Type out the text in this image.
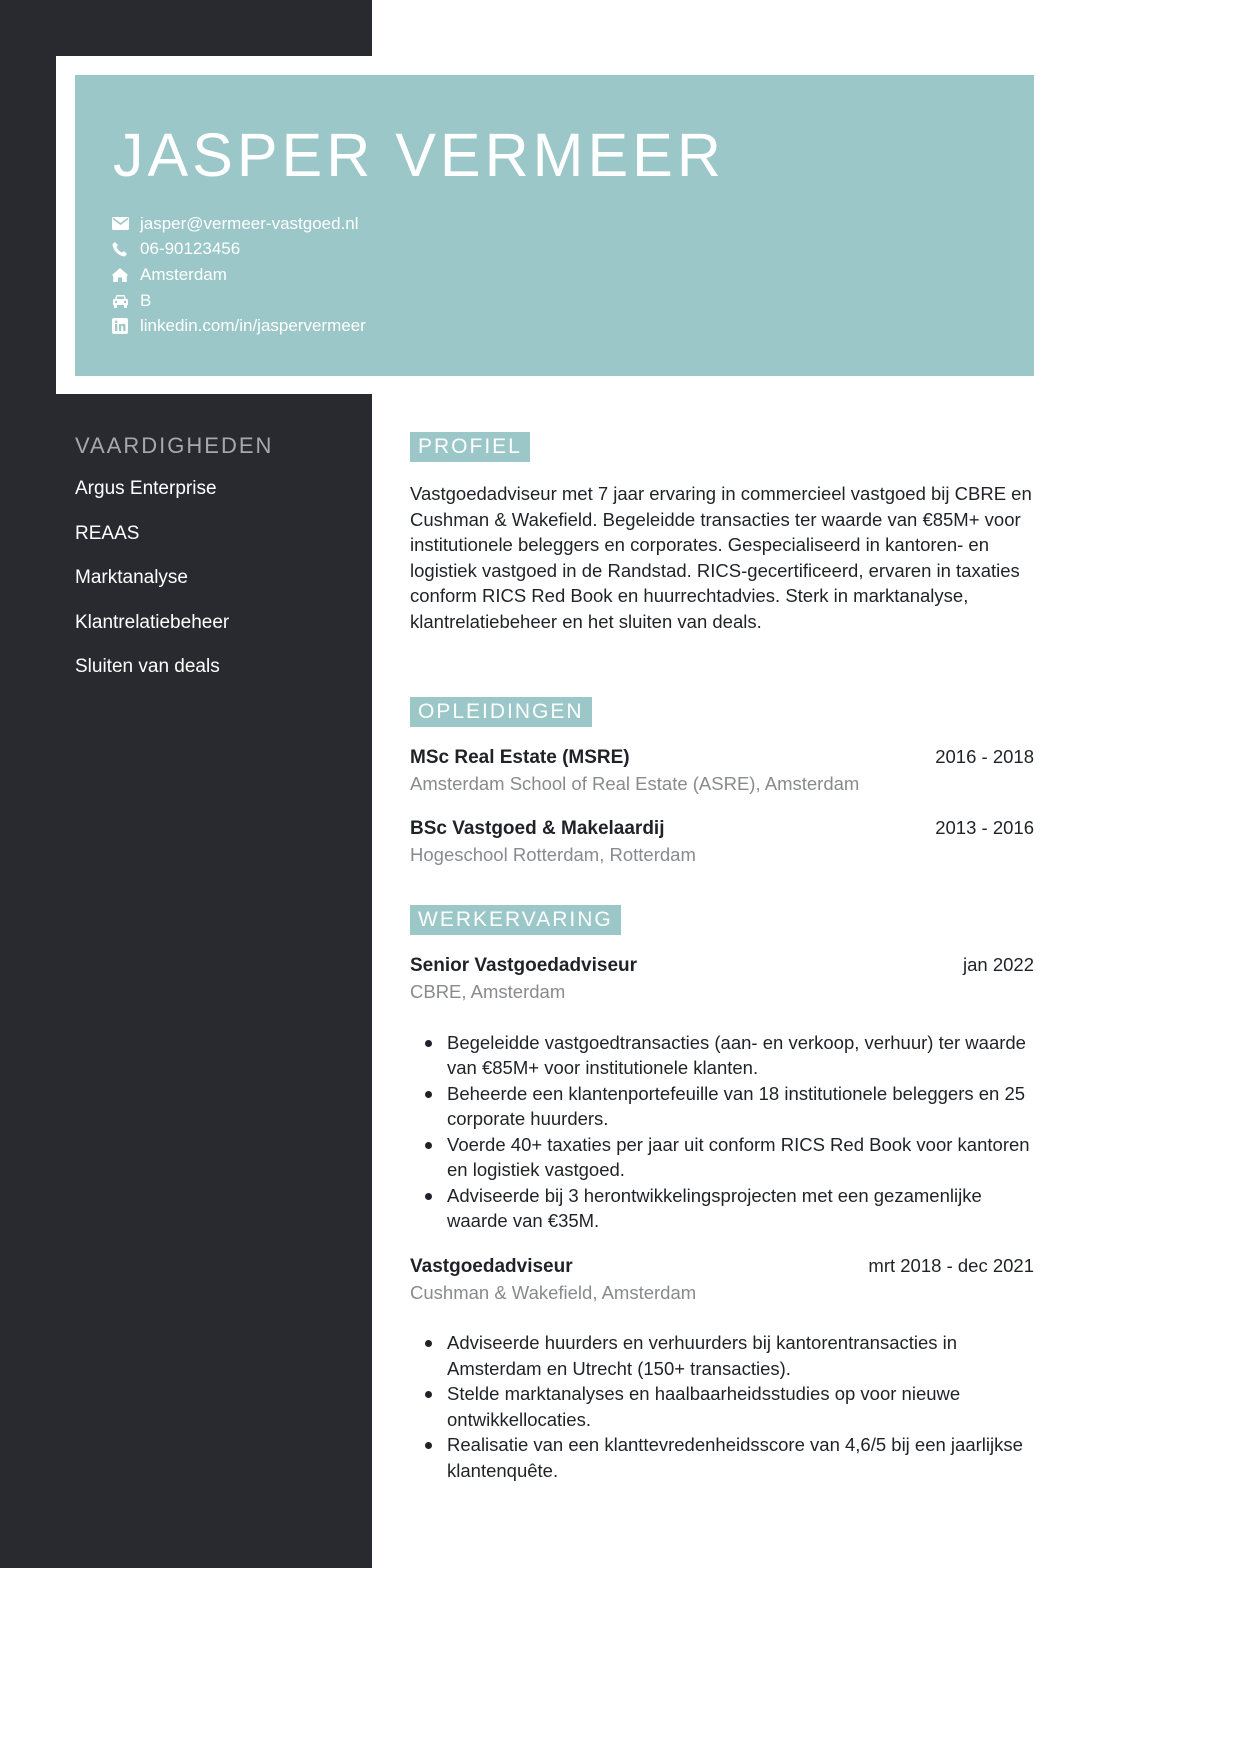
JASPER VERMEER
jasper@vermeer-vastgoed.nl
06-90123456
Amsterdam
B
linkedin.com/in/jaspervermeer
VAARDIGHEDEN
Argus Enterprise
REAAS
Marktanalyse
Klantrelatiebeheer
Sluiten van deals
PROFIEL
Vastgoedadviseur met 7 jaar ervaring in commercieel vastgoed bij CBRE en Cushman & Wakefield. Begeleidde transacties ter waarde van €85M+ voor institutionele beleggers en corporates. Gespecialiseerd in kantoren- en logistiek vastgoed in de Randstad. RICS-gecertificeerd, ervaren in taxaties conform RICS Red Book en huurrechtadvies. Sterk in marktanalyse, klantrelatiebeheer en het sluiten van deals.
OPLEIDINGEN
MSc Real Estate (MSRE)	2016 - 2018
Amsterdam School of Real Estate (ASRE), Amsterdam
BSc Vastgoed & Makelaardij	2013 - 2016
Hogeschool Rotterdam, Rotterdam
WERKERVARING
Senior Vastgoedadviseur	jan 2022
CBRE, Amsterdam
Begeleidde vastgoedtransacties (aan- en verkoop, verhuur) ter waarde van €85M+ voor institutionele klanten.
Beheerde een klantenportefeuille van 18 institutionele beleggers en 25 corporate huurders.
Voerde 40+ taxaties per jaar uit conform RICS Red Book voor kantoren en logistiek vastgoed.
Adviseerde bij 3 herontwikkelingsprojecten met een gezamenlijke waarde van €35M.
Vastgoedadviseur	mrt 2018 - dec 2021
Cushman & Wakefield, Amsterdam
Adviseerde huurders en verhuurders bij kantorentransacties in Amsterdam en Utrecht (150+ transacties).
Stelde marktanalyses en haalbaarheidsstudies op voor nieuwe ontwikkellocaties.
Realisatie van een klanttevredenheidsscore van 4,6/5 bij een jaarlijkse klantenquête.
